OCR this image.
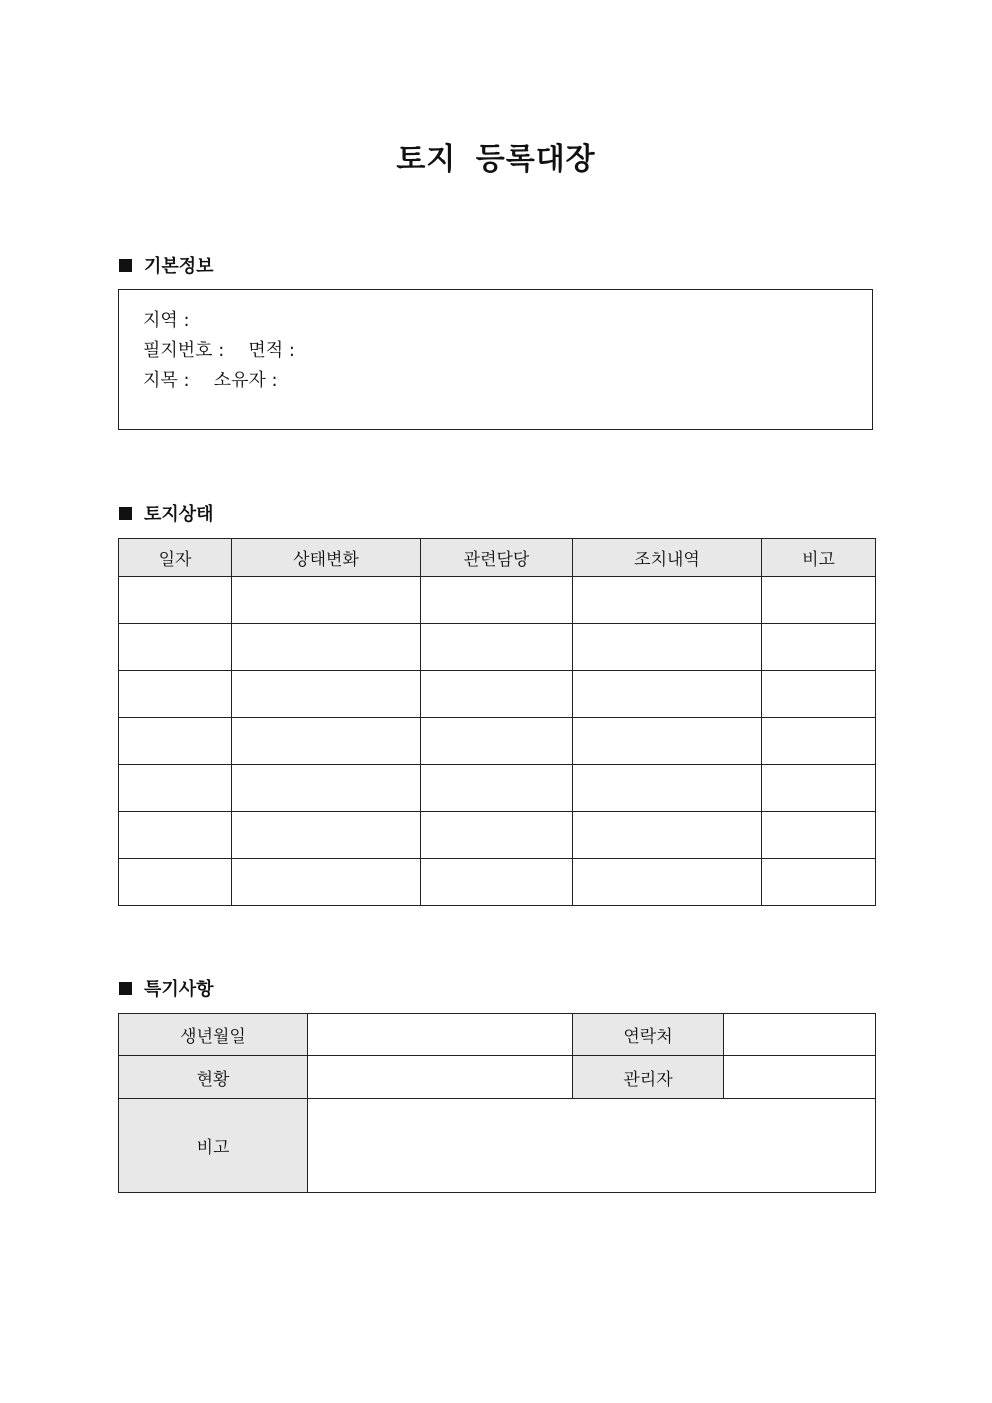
토지 등록대장
기본정보
지역 :
필지번호 : 면적 :
지목 : 소유자 :
토지상태
일자	상태변화	관련담당	조치내역	비고

특기사항
생년월일		연락처	
현황		관리자	
비고			
